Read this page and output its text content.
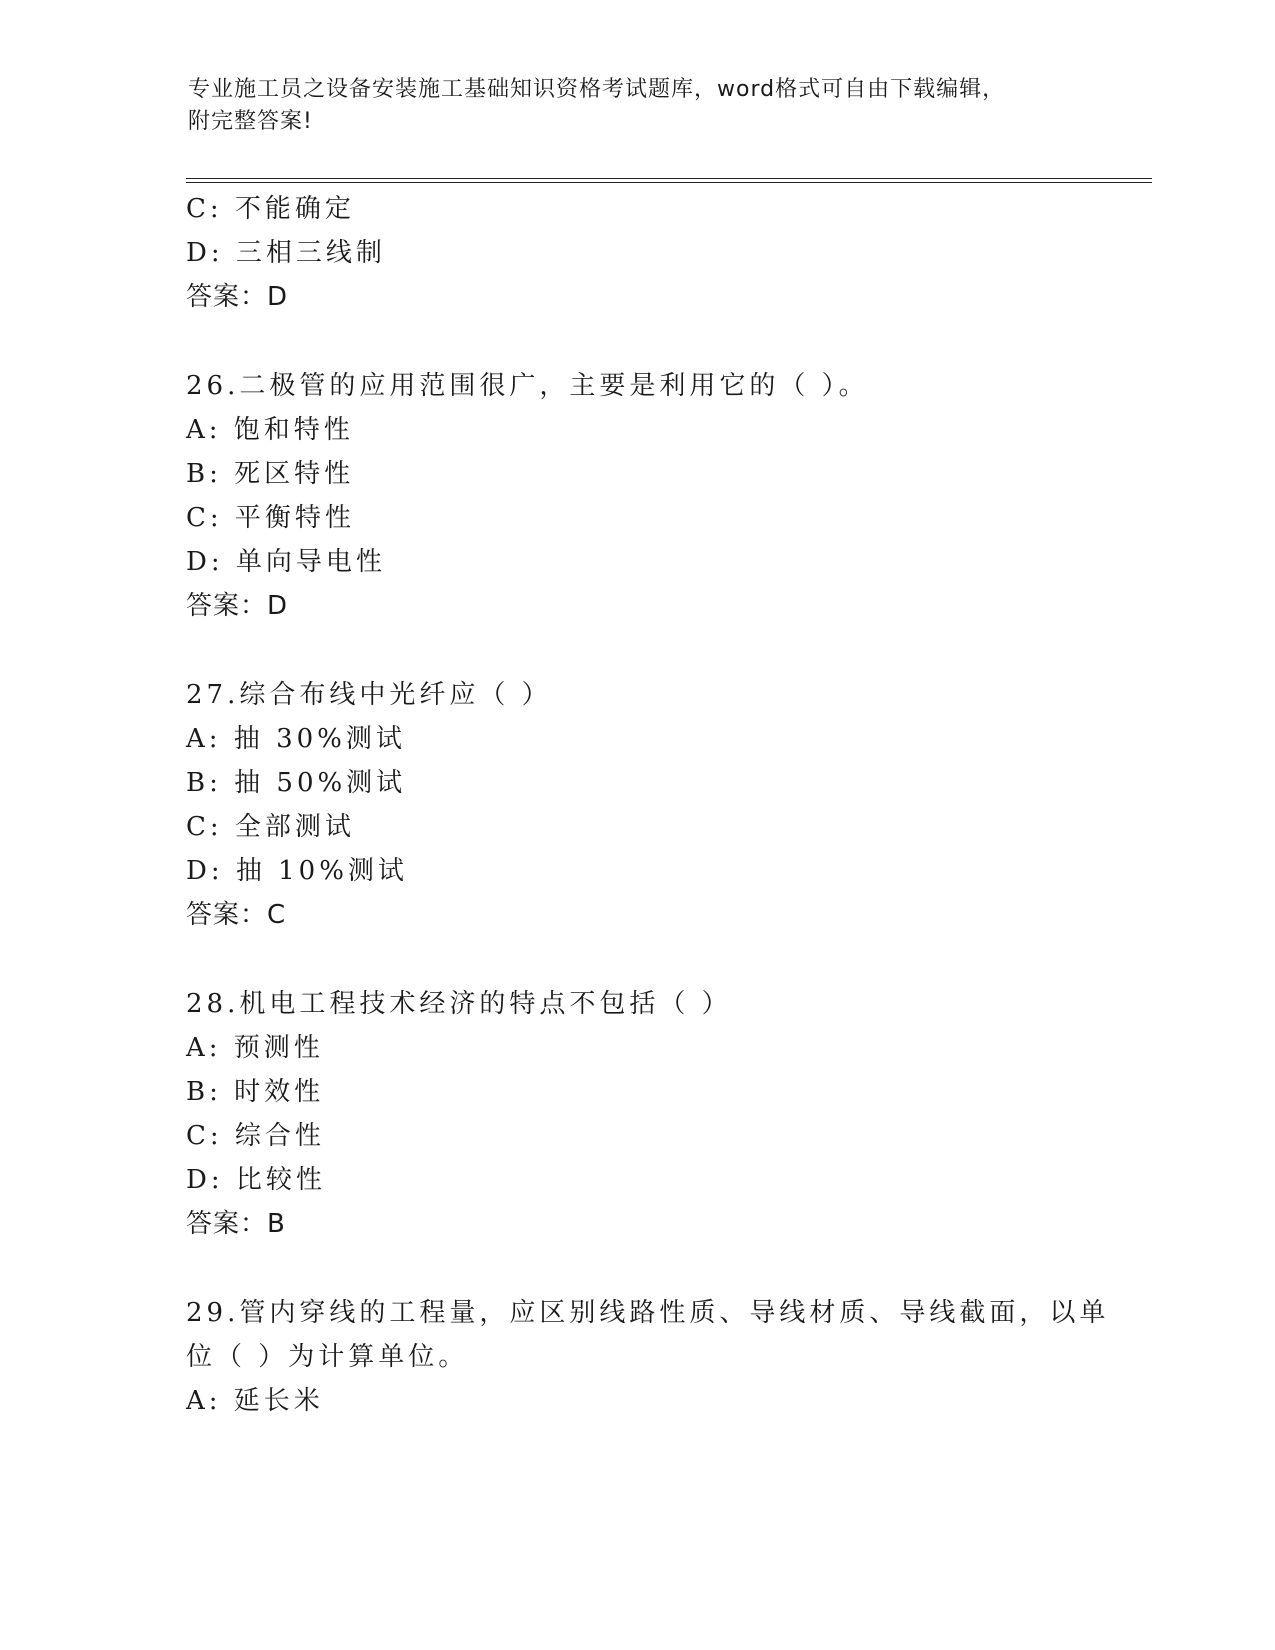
专业施工员之设备安装施工基础知识资格考试题库，word格式可自由下载编辑，
附完整答案!
C: 不能确定
D: 三相三线制
答案：D
26.二极管的应用范围很广，主要是利用它的（ ）。
A: 饱和特性
B: 死区特性
C: 平衡特性
D: 单向导电性
答案：D
27.综合布线中光纤应（ ）
A: 抽 30%测试
B: 抽 50%测试
C: 全部测试
D: 抽 10%测试
答案：C
28.机电工程技术经济的特点不包括（ ）
A: 预测性
B: 时效性
C: 综合性
D: 比较性
答案：B
29.管内穿线的工程量，应区别线路性质、导线材质、导线截面，以单
位（ ）为计算单位。
A: 延长米
